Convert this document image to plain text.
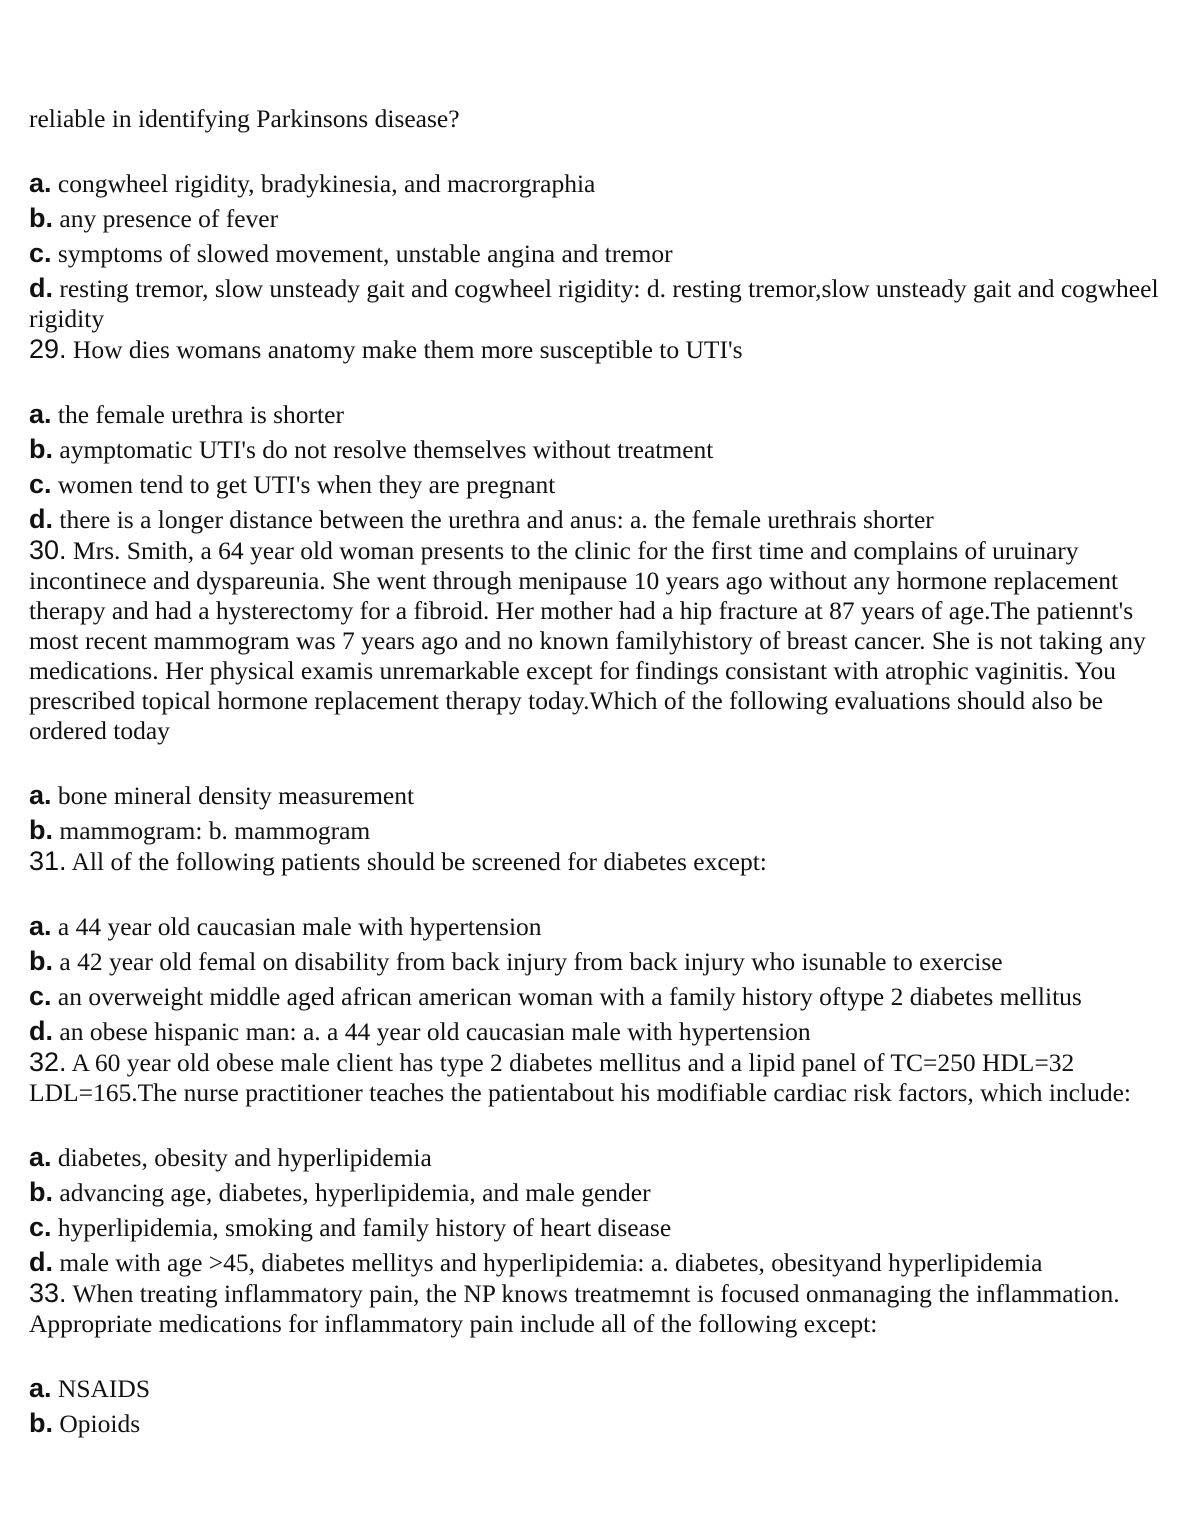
reliable in identifying Parkinsons disease?

a. congwheel rigidity, bradykinesia, and macrorgraphia
b. any presence of fever
c. symptoms of slowed movement, unstable angina and tremor
d. resting tremor, slow unsteady gait and cogwheel rigidity: d. resting tremor,slow unsteady gait and cogwheel rigidity

29. How dies womans anatomy make them more susceptible to UTI's

a. the female urethra is shorter
b. aymptomatic UTI's do not resolve themselves without treatment
c. women tend to get UTI's when they are pregnant
d. there is a longer distance between the urethra and anus: a. the female urethrais shorter

30. Mrs. Smith, a 64 year old woman presents to the clinic for the first time and complains of uruinary incontinece and dyspareunia. She went through menipause 10 years ago without any hormone replacement therapy and had a hysterectomy for a fibroid. Her mother had a hip fracture at 87 years of age.The patiennt's most recent mammogram was 7 years ago and no known familyhistory of breast cancer. She is not taking any medications. Her physical examis unremarkable except for findings consistant with atrophic vaginitis. You prescribed topical hormone replacement therapy today.Which of the following evaluations should also be ordered today

a. bone mineral density measurement
b. mammogram: b. mammogram

31. All of the following patients should be screened for diabetes except:

a. a 44 year old caucasian male with hypertension
b. a 42 year old femal on disability from back injury from back injury who isunable to exercise
c. an overweight middle aged african american woman with a family history oftype 2 diabetes mellitus
d. an obese hispanic man: a. a 44 year old caucasian male with hypertension

32. A 60 year old obese male client has type 2 diabetes mellitus and a lipid panel of TC=250 HDL=32 LDL=165.The nurse practitioner teaches the patientabout his modifiable cardiac risk factors, which include:

a. diabetes, obesity and hyperlipidemia
b. advancing age, diabetes, hyperlipidemia, and male gender
c. hyperlipidemia, smoking and family history of heart disease
d. male with age >45, diabetes mellitys and hyperlipidemia: a. diabetes, obesityand hyperlipidemia

33. When treating inflammatory pain, the NP knows treatmemnt is focused onmanaging the inflammation. Appropriate medications for inflammatory pain include all of the following except:

a. NSAIDS
b. Opioids
